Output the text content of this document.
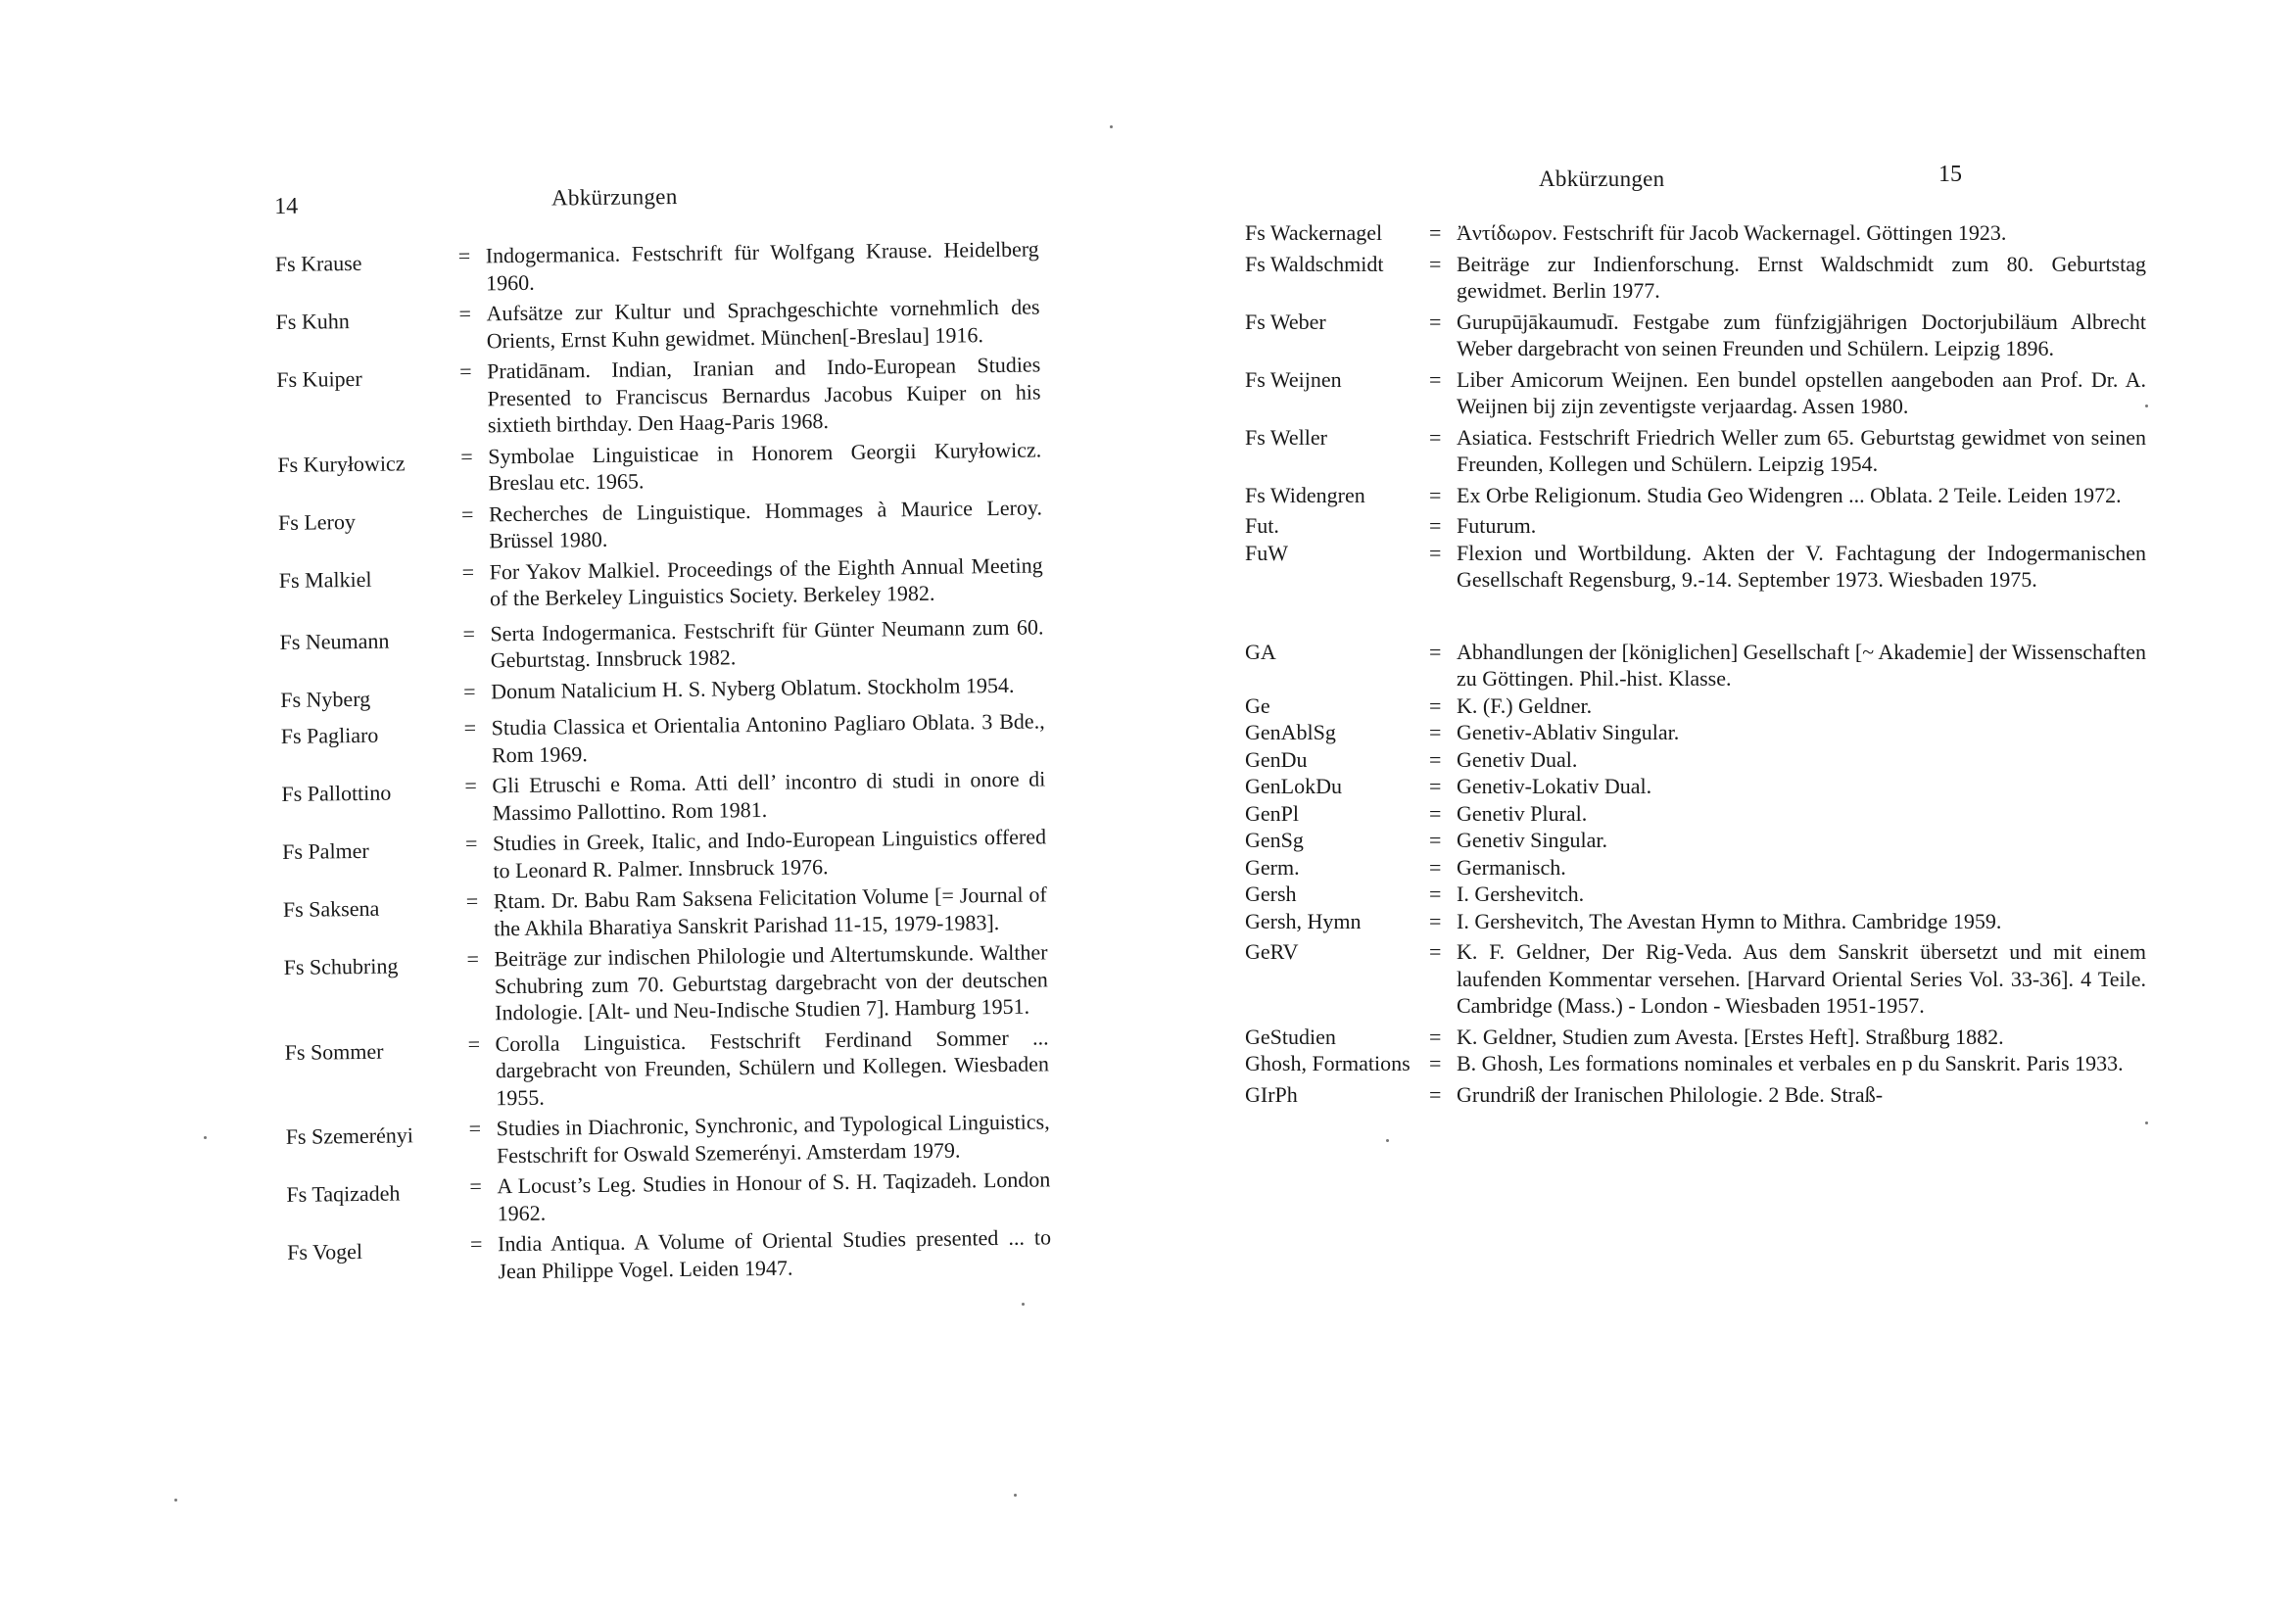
14	Abkürzungen
Fs Krause	= Indogermanica. Festschrift für Wolfgang Krause. Heidelberg 1960.
Fs Kuhn	= Aufsätze zur Kultur und Sprachgeschichte vornehmlich des Orients, Ernst Kuhn gewidmet. München[-Breslau] 1916.
Fs Kuiper	= Pratidānam. Indian, Iranian and Indo-European Studies Presented to Franciscus Bernardus Jacobus Kuiper on his sixtieth birthday. Den Haag-Paris 1968.
Fs Kuryłowicz	= Symbolae Linguisticae in Honorem Georgii Kuryłowicz. Breslau etc. 1965.
Fs Leroy	= Recherches de Linguistique. Hommages à Maurice Leroy. Brüssel 1980.
Fs Malkiel	= For Yakov Malkiel. Proceedings of the Eighth Annual Meeting of the Berkeley Linguistics Society. Berkeley 1982.
Fs Neumann	= Serta Indogermanica. Festschrift für Günter Neumann zum 60. Geburtstag. Innsbruck 1982.
Fs Nyberg	= Donum Natalicium H. S. Nyberg Oblatum. Stockholm 1954.
Fs Pagliaro	= Studia Classica et Orientalia Antonino Pagliaro Oblata. 3 Bde., Rom 1969.
Fs Pallottino	= Gli Etruschi e Roma. Atti dell’ incontro di studi in onore di Massimo Pallottino. Rom 1981.
Fs Palmer	= Studies in Greek, Italic, and Indo-European Linguistics offered to Leonard R. Palmer. Innsbruck 1976.
Fs Saksena	= Ṛtam. Dr. Babu Ram Saksena Felicitation Volume [= Journal of the Akhila Bharatiya Sanskrit Parishad 11-15, 1979-1983].
Fs Schubring	= Beiträge zur indischen Philologie und Altertumskunde. Walther Schubring zum 70. Geburtstag dargebracht von der deutschen Indologie. [Alt- und Neu-Indische Studien 7]. Hamburg 1951.
Fs Sommer	= Corolla Linguistica. Festschrift Ferdinand Sommer ... dargebracht von Freunden, Schülern und Kollegen. Wiesbaden 1955.
Fs Szemerényi	= Studies in Diachronic, Synchronic, and Typological Linguistics, Festschrift for Oswald Szemerényi. Amsterdam 1979.
Fs Taqizadeh	= A Locust’s Leg. Studies in Honour of S. H. Taqizadeh. London 1962.
Fs Vogel	= India Antiqua. A Volume of Oriental Studies presented ... to Jean Philippe Vogel. Leiden 1947.
Abkürzungen	15
Fs Wackernagel	= Ἀντίδωρον. Festschrift für Jacob Wackernagel. Göttingen 1923.
Fs Waldschmidt	= Beiträge zur Indienforschung. Ernst Waldschmidt zum 80. Geburtstag gewidmet. Berlin 1977.
Fs Weber	= Gurupūjākaumudī. Festgabe zum fünfzigjährigen Doctorjubiläum Albrecht Weber dargebracht von seinen Freunden und Schülern. Leipzig 1896.
Fs Weijnen	= Liber Amicorum Weijnen. Een bundel opstellen aangeboden aan Prof. Dr. A. Weijnen bij zijn zeventigste verjaardag. Assen 1980.
Fs Weller	= Asiatica. Festschrift Friedrich Weller zum 65. Geburtstag gewidmet von seinen Freunden, Kollegen und Schülern. Leipzig 1954.
Fs Widengren	= Ex Orbe Religionum. Studia Geo Widengren ... Oblata. 2 Teile. Leiden 1972.
Fut.	= Futurum.
FuW	= Flexion und Wortbildung. Akten der V. Fachtagung der Indogermanischen Gesellschaft Regensburg, 9.-14. September 1973. Wiesbaden 1975.
GA	= Abhandlungen der [königlichen] Gesellschaft [~ Akademie] der Wissenschaften zu Göttingen. Phil.-hist. Klasse.
Ge	= K. (F.) Geldner.
GenAblSg	= Genetiv-Ablativ Singular.
GenDu	= Genetiv Dual.
GenLokDu	= Genetiv-Lokativ Dual.
GenPl	= Genetiv Plural.
GenSg	= Genetiv Singular.
Germ.	= Germanisch.
Gersh	= I. Gershevitch.
Gersh, Hymn	= I. Gershevitch, The Avestan Hymn to Mithra. Cambridge 1959.
GeRV	= K. F. Geldner, Der Rig-Veda. Aus dem Sanskrit übersetzt und mit einem laufenden Kommentar versehen. [Harvard Oriental Series Vol. 33-36]. 4 Teile. Cambridge (Mass.) - London - Wiesbaden 1951-1957.
GeStudien	= K. Geldner, Studien zum Avesta. [Erstes Heft]. Straßburg 1882.
Ghosh, Formations = B. Ghosh, Les formations nominales et verbales en p du Sanskrit. Paris 1933.
GIrPh	= Grundriß der Iranischen Philologie. 2 Bde. Straß-
